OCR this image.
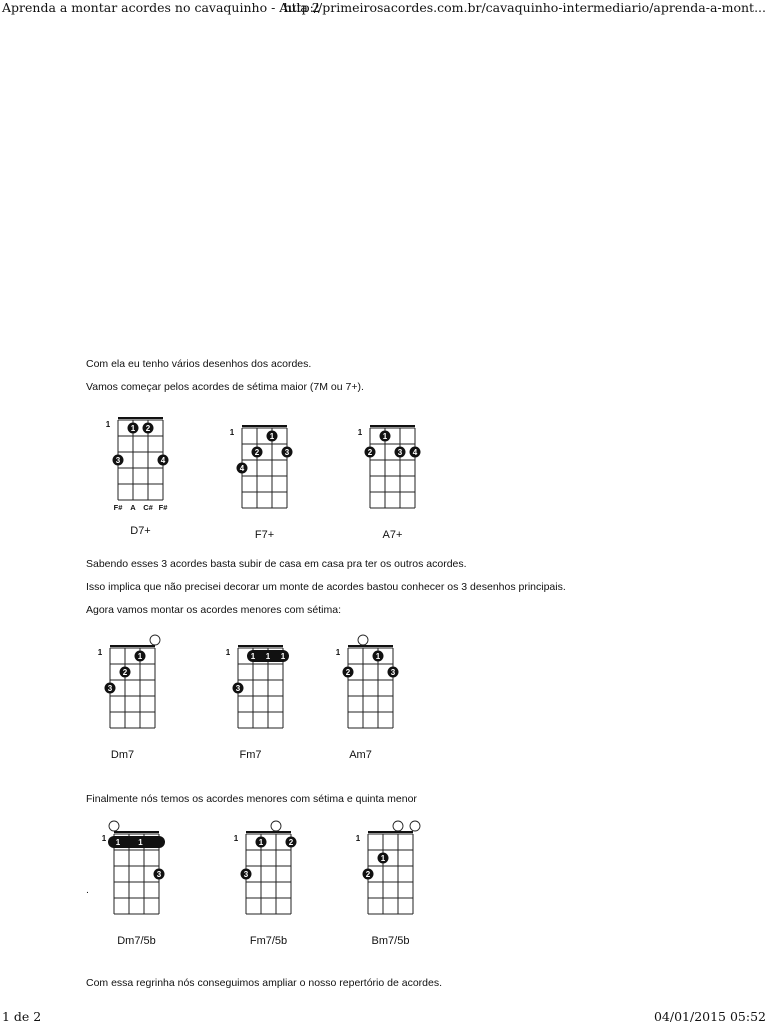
Aprenda a montar acordes no cavaquinho - Aula 2
http://primeirosacordes.com.br/cavaquinho-intermediario/aprenda-a-mont...
Com ela eu tenho vários desenhos dos acordes.
Vamos começar pelos acordes de sétima maior (7M ou 7+).
1	1 2
3	4
F# A C# F#
D7+
1	1
2	3
4
F7+
1	1
2	3 4
A7+
Sabendo esses 3 acordes basta subir de casa em casa pra ter os outros acordes.
Isso implica que não precisei decorar um monte de acordes bastou conhecer os 3 desenhos principais.
Agora vamos montar os acordes menores com sétima:
1	1
2
3
Dm7
1	1 1 1
3
Fm7
1	1
2	3
Am7
Finalmente nós temos os acordes menores com sétima e quinta menor
1 1 1
3
Dm7/5b
1	1	2
3
Fm7/5b
1
1
2
Bm7/5b
.
Com essa regrinha nós conseguimos ampliar o nosso repertório de acordes.
1 de 2	04/01/2015 05:52
